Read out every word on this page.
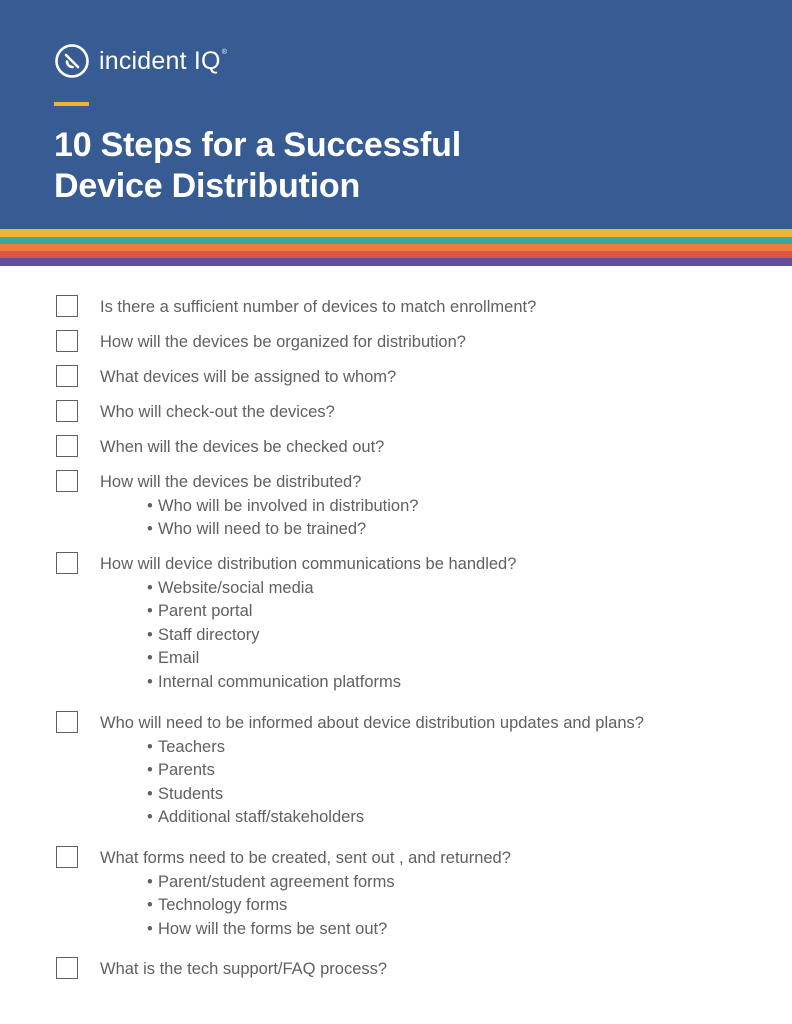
incident IQ®
10 Steps for a Successful
Device Distribution
Is there a sufficient number of devices to match enrollment?
How will the devices be organized for distribution?
What devices will be assigned to whom?
Who will check-out the devices?
When will the devices be checked out?
How will the devices be distributed?
• Who will be involved in distribution?
• Who will need to be trained?
How will device distribution communications be handled?
• Website/social media
• Parent portal
• Staff directory
• Email
• Internal communication platforms
Who will need to be informed about device distribution updates and plans?
• Teachers
• Parents
• Students
• Additional staff/stakeholders
What forms need to be created, sent out , and returned?
• Parent/student agreement forms
• Technology forms
• How will the forms be sent out?
What is the tech support/FAQ process?
